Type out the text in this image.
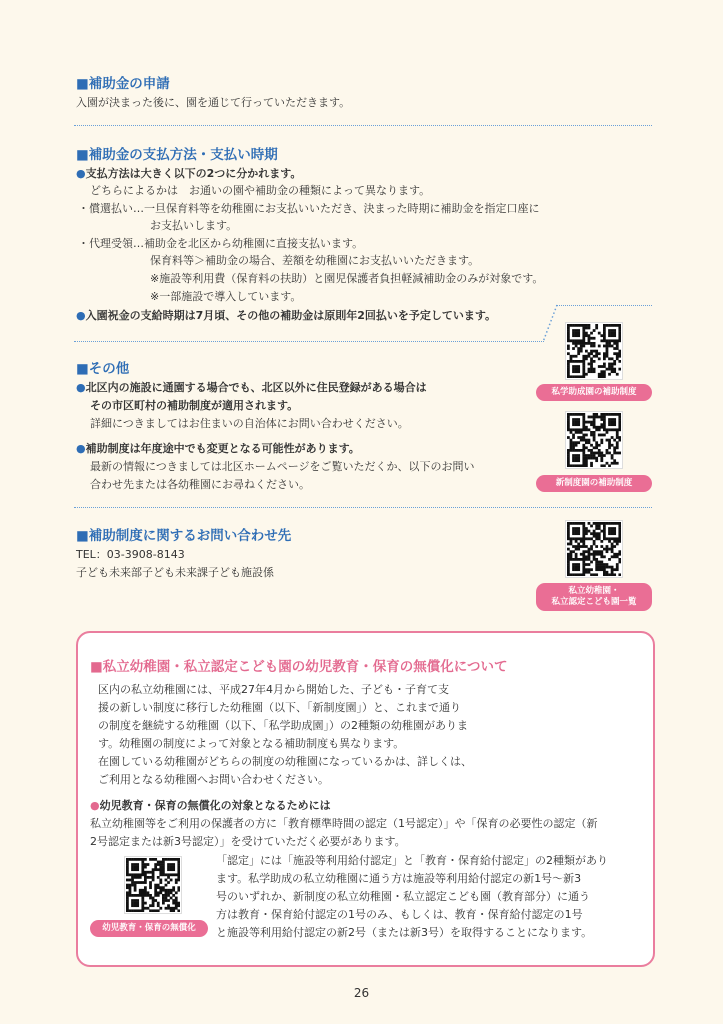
■補助金の申請
入園が決まった後に、園を通じて行っていただきます。
■補助金の支払方法・支払い時期
●支払方法は大きく以下の2つに分かれます。
どちらによるかは　お通いの園や補助金の種類によって異なります。
・償還払い…一旦保育料等を幼稚園にお支払いいただき、決まった時期に補助金を指定口座に
お支払いします。
・代理受領…補助金を北区から幼稚園に直接支払います。
保育料等＞補助金の場合、差額を幼稚園にお支払いいただきます。
※施設等利用費（保育料の扶助）と園児保護者負担軽減補助金のみが対象です。
※一部施設で導入しています。
●入園祝金の支給時期は7月頃、その他の補助金は原則年2回払いを予定しています。
■その他
●北区内の施設に通園する場合でも、北区以外に住民登録がある場合は
その市区町村の補助制度が適用されます。
詳細につきましてはお住まいの自治体にお問い合わせください。
●補助制度は年度途中でも変更となる可能性があります。
最新の情報につきましては北区ホームページをご覧いただくか、以下のお問い
合わせ先または各幼稚園にお尋ねください。
■補助制度に関するお問い合わせ先
TEL：03-3908-8143
子ども未来部子ども未来課子ども施設係
私学助成園の補助制度
新制度園の補助制度
私立幼稚園・
私立認定こども園一覧
■私立幼稚園・私立認定こども園の幼児教育・保育の無償化について
区内の私立幼稚園には、平成27年4月から開始した、子ども・子育て支
援の新しい制度に移行した幼稚園（以下、「新制度園」）と、これまで通り
の制度を継続する幼稚園（以下、「私学助成園」）の2種類の幼稚園がありま
す。幼稚園の制度によって対象となる補助制度も異なります。
在園している幼稚園がどちらの制度の幼稚園になっているかは、詳しくは、
ご利用となる幼稚園へお問い合わせください。
●幼児教育・保育の無償化の対象となるためには
私立幼稚園等をご利用の保護者の方に「教育標準時間の認定（1号認定）」や「保育の必要性の認定（新
2号認定または新3号認定）」を受けていただく必要があります。
幼児教育・保育の無償化
「認定」には「施設等利用給付認定」と「教育・保育給付認定」の2種類があり
ます。私学助成の私立幼稚園に通う方は施設等利用給付認定の新1号～新3
号のいずれか、新制度の私立幼稚園・私立認定こども園（教育部分）に通う
方は教育・保育給付認定の1号のみ、もしくは、教育・保育給付認定の1号
と施設等利用給付認定の新2号（または新3号）を取得することになります。
26
